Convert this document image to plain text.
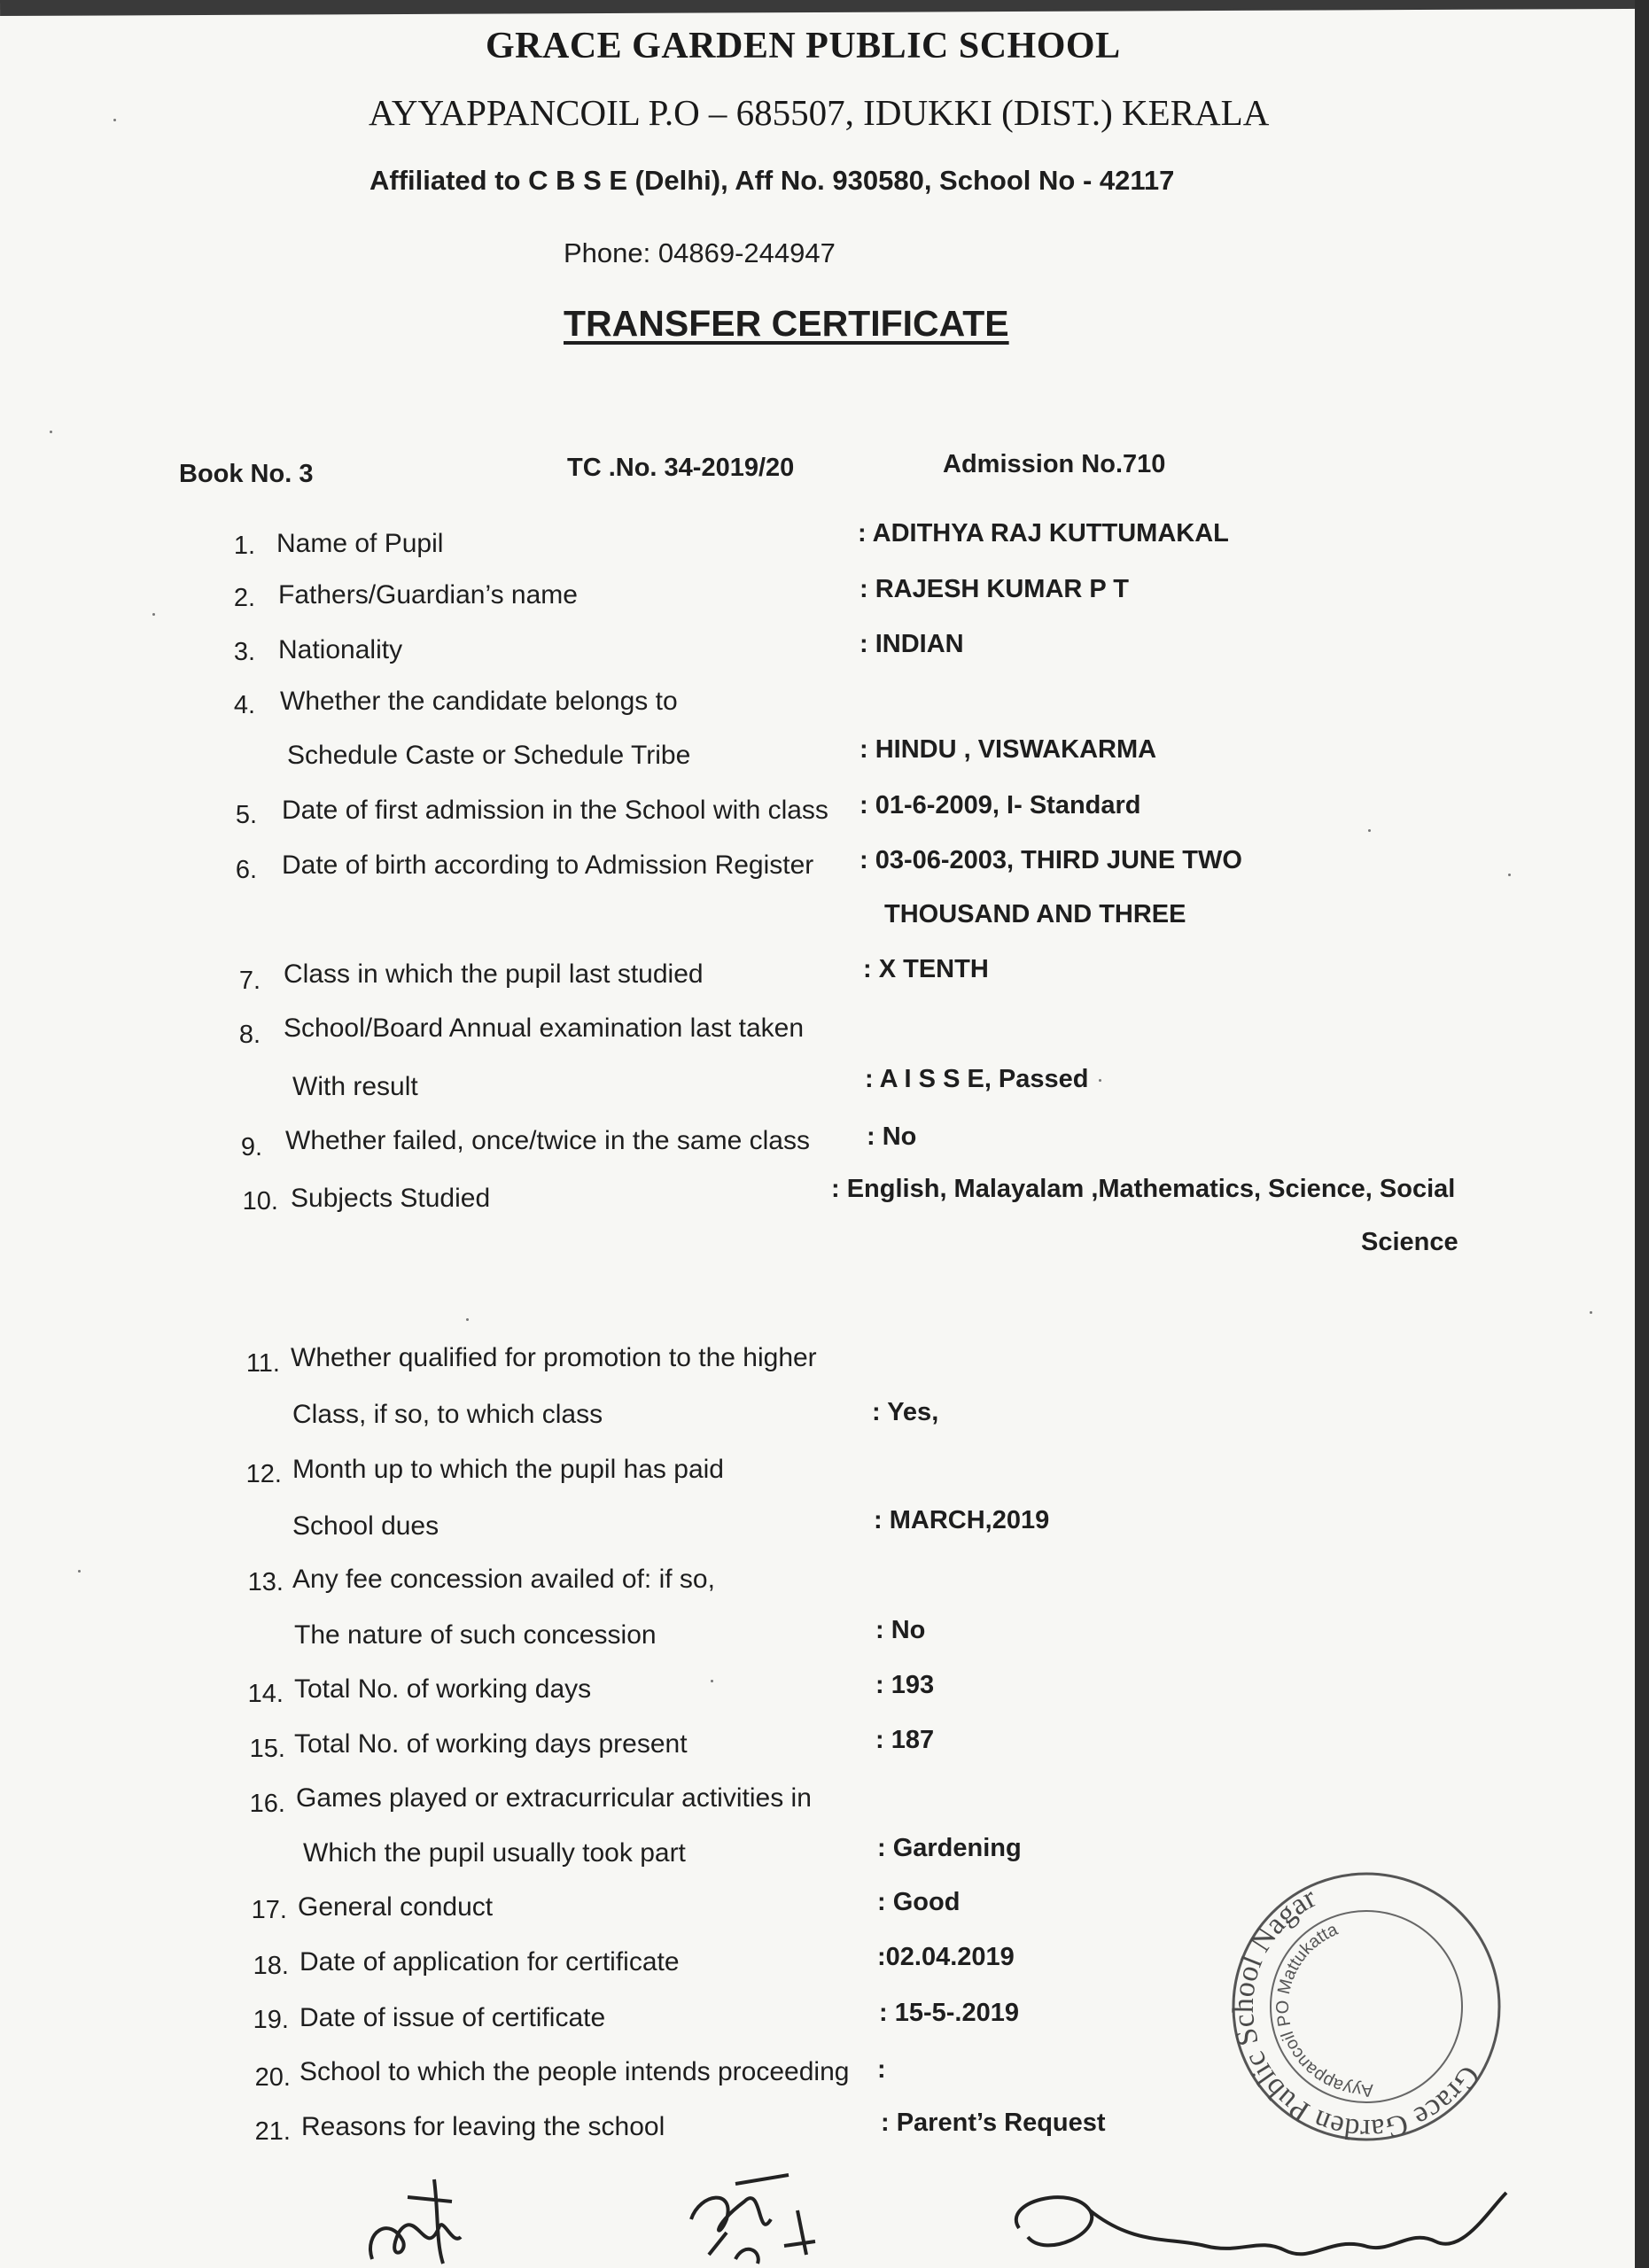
GRACE GARDEN PUBLIC SCHOOL
AYYAPPANCOIL P.O – 685507, IDUKKI (DIST.) KERALA
Affiliated to C B S E (Delhi), Aff No. 930580, School No - 42117
Phone: 04869-244947
TRANSFER CERTIFICATE
Book No. 3	TC .No. 34-2019/20	Admission No.710
1. Name of Pupil	: ADITHYA RAJ KUTTUMAKAL
2. Fathers/Guardian’s name	: RAJESH KUMAR P T
3. Nationality	: INDIAN
4. Whether the candidate belongs to
Schedule Caste or Schedule Tribe	: HINDU , VISWAKARMA
5. Date of first admission in the School with class : 01-6-2009, I- Standard
6. Date of birth according to Admission Register : 03-06-2003, THIRD JUNE TWO
THOUSAND AND THREE
7. Class in which the pupil last studied	: X TENTH
8. School/Board Annual examination last taken
With result	: A I S S E, Passed
9. Whether failed, once/twice in the same class : No
10. Subjects Studied	: English, Malayalam ,Mathematics, Science, Social
Science
11. Whether qualified for promotion to the higher
Class, if so, to which class	: Yes,
12. Month up to which the pupil has paid
School dues	: MARCH,2019
13. Any fee concession availed of: if so,
The nature of such concession	: No
14. Total No. of working days	: 193
15. Total No. of working days present	: 187
16. Games played or extracurricular activities in
Which the pupil usually took part	: Gardening
17. General conduct	: Good
18. Date of application for certificate	:02.04.2019
19. Date of issue of certificate	: 15-5-.2019
20. School to which the people intends proceeding :
21. Reasons for leaving the school	: Parent’s Request
Grace Garden Public School Nagar
Ayyappancoil PO Mattukatta
